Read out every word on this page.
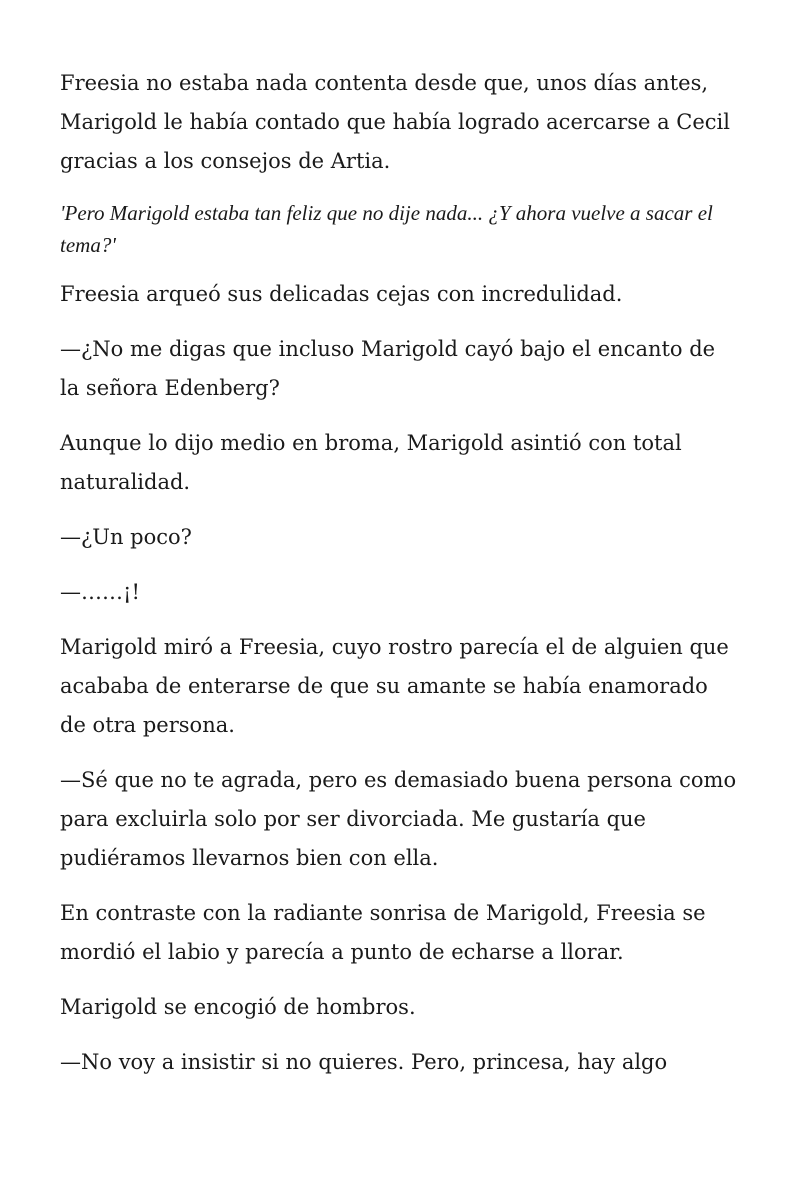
Freesia no estaba nada contenta desde que, unos días antes, Marigold le había contado que había logrado acercarse a Cecil gracias a los consejos de Artia.

'Pero Marigold estaba tan feliz que no dije nada... ¿Y ahora vuelve a sacar el tema?'

Freesia arqueó sus delicadas cejas con incredulidad.

—¿No me digas que incluso Marigold cayó bajo el encanto de la señora Edenberg?

Aunque lo dijo medio en broma, Marigold asintió con total naturalidad.

—¿Un poco?

—……¡!

Marigold miró a Freesia, cuyo rostro parecía el de alguien que acababa de enterarse de que su amante se había enamorado de otra persona.

—Sé que no te agrada, pero es demasiado buena persona como para excluirla solo por ser divorciada. Me gustaría que pudiéramos llevarnos bien con ella.

En contraste con la radiante sonrisa de Marigold, Freesia se mordió el labio y parecía a punto de echarse a llorar.

Marigold se encogió de hombros.

—No voy a insistir si no quieres. Pero, princesa, hay algo
